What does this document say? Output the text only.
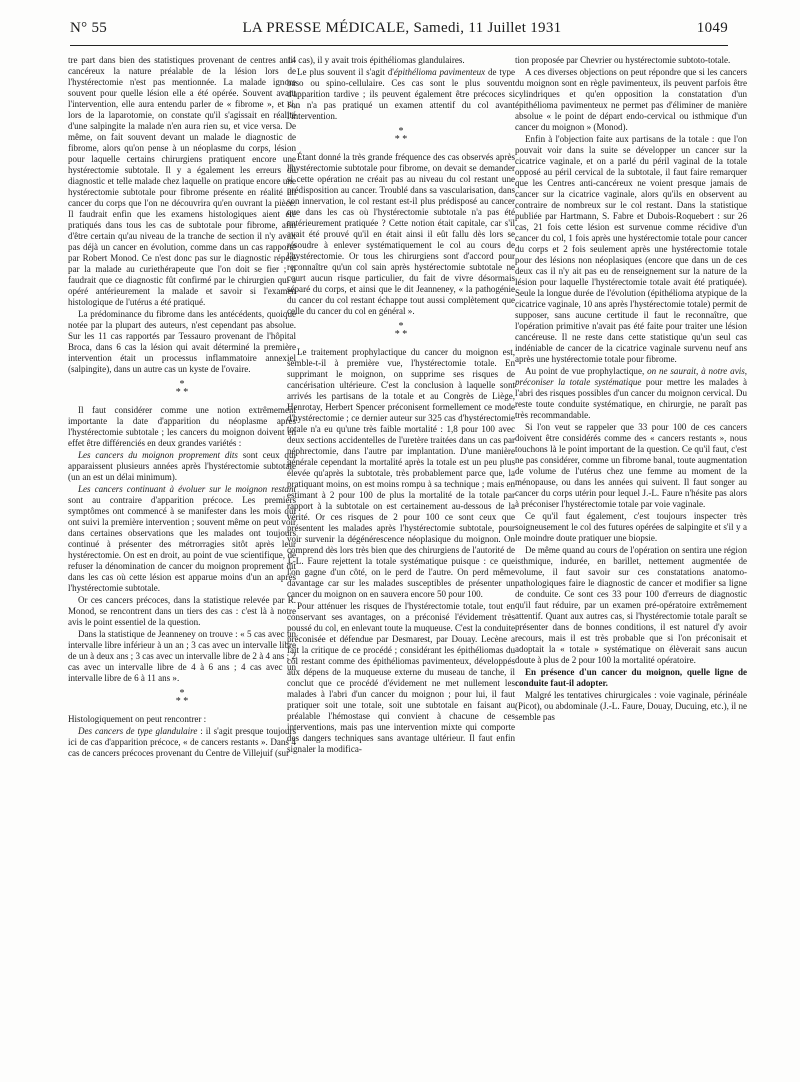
N° 55	LA PRESSE MÉDICALE, Samedi, 11 Juillet 1931	1049

tre part dans bien des statistiques provenant de centres anti-cancéreux la nature préalable de la lésion lors de l'hystérectomie n'est pas mentionnée. La malade ignore souvent pour quelle lésion elle a été opérée. Souvent avant l'intervention, elle aura entendu parler de « fibrome », et si, lors de la laparotomie, on constate qu'il s'agissait en réalité d'une salpingite la malade n'en aura rien su, et vice versa. De même, on fait souvent devant un malade le diagnostic de fibrome, alors qu'on pense à un néoplasme du corps, lésion pour laquelle certains chirurgiens pratiquent encore une hystérectomie subtotale. Il y a également les erreurs du diagnostic et telle malade chez laquelle on pratique encore une hystérectomie subtotale pour fibrome présente en réalité un cancer du corps que l'on ne découvrira qu'en ouvrant la pièce. Il faudrait enfin que les examens histologiques aient été pratiqués dans tous les cas de subtotale pour fibrome, afin d'être certain qu'au niveau de la tranche de section il n'y avait pas déjà un cancer en évolution, comme dans un cas rapporté par Robert Monod. Ce n'est donc pas sur le diagnostic répété par la malade au curiethérapeute que l'on doit se fier ; il faudrait que ce diagnostic fût confirmé par le chirurgien qui a opéré antérieurement la malade et savoir si l'examen histologique de l'utérus a été pratiqué.

La prédominance du fibrome dans les antécédents, quoique notée par la plupart des auteurs, n'est cependant pas absolue. Sur les 11 cas rapportés par Tessauro provenant de l'hôpital Broca, dans 6 cas la lésion qui avait déterminé la première intervention était un processus inflammatoire annexiel (salpingite), dans un autre cas un kyste de l'ovaire.

*
* *

Il faut considérer comme une notion extrêmement importante la date d'apparition du néoplasme après l'hystérectomie subtotale ; les cancers du moignon doivent en effet être différenciés en deux grandes variétés :

Les cancers du moignon proprement dits sont ceux qui apparaissent plusieurs années après l'hystérectomie subtotale (un an est un délai minimum).

Les cancers continuant à évoluer sur le moignon restant sont au contraire d'apparition précoce. Les premiers symptômes ont commencé à se manifester dans les mois qui ont suivi la première intervention ; souvent même on peut voir dans certaines observations que les malades ont toujours continué à présenter des métrorragies sitôt après leur hystérectomie. On est en droit, au point de vue scientifique, de refuser la dénomination de cancer du moignon proprement dit dans les cas où cette lésion est apparue moins d'un an après l'hystérectomie subtotale.

Or ces cancers précoces, dans la statistique relevée par R. Monod, se rencontrent dans un tiers des cas : c'est là à notre avis le point essentiel de la question.

Dans la statistique de Jeanneney on trouve : « 5 cas avec un intervalle libre inférieur à un an ; 3 cas avec un intervalle libre de un à deux ans ; 3 cas avec un intervalle libre de 2 à 4 ans ; 2 cas avec un intervalle libre de 4 à 6 ans ; 4 cas avec un intervalle libre de 6 à 11 ans ».

*
* *

Histologiquement on peut rencontrer :

Des cancers de type glandulaire : il s'agit presque toujours ici de cas d'apparition précoce, « de cancers restants ». Dans 4 cas de cancers précoces provenant du Centre de Villejuif (sur

14 cas), il y avait trois épithéliomas glandulaires.

Le plus souvent il s'agit d'épithélioma pavimenteux de type baso ou spino-cellulaire. Ces cas sont le plus souvent d'apparition tardive ; ils peuvent également être précoces si l'on n'a pas pratiqué un examen attentif du col avant l'intervention.

*
* *

Étant donné la très grande fréquence des cas observés après l'hystérectomie subtotale pour fibrome, on devait se demander si cette opération ne créait pas au niveau du col restant une prédisposition au cancer. Troublé dans sa vascularisation, dans son innervation, le col restant est-il plus prédisposé au cancer que dans les cas où l'hystérectomie subtotale n'a pas été antérieurement pratiquée ? Cette notion était capitale, car s'il avait été prouvé qu'il en était ainsi il eût fallu dès lors se résoudre à enlever systématiquement le col au cours de l'hystérectomie. Or tous les chirurgiens sont d'accord pour reconnaître qu'un col sain après hystérectomie subtotale ne court aucun risque particulier, du fait de vivre désormais séparé du corps, et ainsi que le dit Jeanneney, « la pathogénie du cancer du col restant échappe tout aussi complètement que celle du cancer du col en général ».

*
* *

Le traitement prophylactique du cancer du moignon est, semble-t-il à première vue, l'hystérectomie totale. En supprimant le moignon, on supprime ses risques de cancérisation ultérieure. C'est la conclusion à laquelle sont arrivés les partisans de la totale et au Congrès de Liège, Henrotay, Herbert Spencer préconisent formellement ce mode d'hystérectomie ; ce dernier auteur sur 325 cas d'hystérectomie totale n'a eu qu'une très faible mortalité : 1,8 pour 100 avec deux sections accidentelles de l'uretère traitées dans un cas par néphrectomie, dans l'autre par implantation. D'une manière générale cependant la mortalité après la totale est un peu plus élevée qu'après la subtotale, très probablement parce que, la pratiquant moins, on est moins rompu à sa technique ; mais en estimant à 2 pour 100 de plus la mortalité de la totale par rapport à la subtotale on est certainement au-dessous de la vérité. Or ces risques de 2 pour 100 ce sont ceux que présentent les malades après l'hystérectomie subtotale, pour voir survenir la dégénérescence néoplasique du moignon. On comprend dès lors très bien que des chirurgiens de l'autorité de J.-L. Faure rejettent la totale systématique puisque : ce que l'on gagne d'un côté, on le perd de l'autre. On perd même davantage car sur les malades susceptibles de présenter un cancer du moignon on en sauvera encore 50 pour 100.

Pour atténuer les risques de l'hystérectomie totale, tout en conservant ses avantages, on a préconisé l'évidement très poussé du col, en enlevant toute la muqueuse. C'est la conduite préconisée et défendue par Desmarest, par Douay. Lecène a fait la critique de ce procédé ; considérant les épithéliomas du col restant comme des épithéliomas pavimenteux, développés aux dépens de la muqueuse externe du museau de tanche, il conclut que ce procédé d'évidement ne met nullement les malades à l'abri d'un cancer du moignon ; pour lui, il faut pratiquer soit une totale, soit une subtotale en faisant au préalable l'hémostase qui convient à chacune de ces interventions, mais pas une intervention mixte qui comporte des dangers techniques sans avantage ultérieur. Il faut enfin signaler la modifica-

tion proposée par Chevrier ou hystérectomie subtoto-totale.

A ces diverses objections on peut répondre que si les cancers du moignon sont en règle pavimenteux, ils peuvent parfois être cylindriques et qu'en opposition la constatation d'un épithélioma pavimenteux ne permet pas d'éliminer de manière absolue « le point de départ endo-cervical ou isthmique d'un cancer du moignon » (Monod).

Enfin à l'objection faite aux partisans de la totale : que l'on pouvait voir dans la suite se développer un cancer sur la cicatrice vaginale, et on a parlé du péril vaginal de la totale opposé au péril cervical de la subtotale, il faut faire remarquer que les Centres anti-cancéreux ne voient presque jamais de cancer sur la cicatrice vaginale, alors qu'ils en observent au contraire de nombreux sur le col restant. Dans la statistique publiée par Hartmann, S. Fabre et Dubois-Roquebert : sur 26 cas, 21 fois cette lésion est survenue comme récidive d'un cancer du col, 1 fois après une hystérectomie totale pour cancer du corps et 2 fois seulement après une hystérectomie totale pour des lésions non néoplasiques (encore que dans un de ces deux cas il n'y ait pas eu de renseignement sur la nature de la lésion pour laquelle l'hystérectomie totale avait été pratiquée). Seule la longue durée de l'évolution (épithélioma atypique de la cicatrice vaginale, 10 ans après l'hystérectomie totale) permit de supposer, sans aucune certitude il faut le reconnaître, que l'opération primitive n'avait pas été faite pour traiter une lésion cancéreuse. Il ne reste dans cette statistique qu'un seul cas indéniable de cancer de la cicatrice vaginale survenu neuf ans après une hystérectomie totale pour fibrome.

Au point de vue prophylactique, on ne saurait, à notre avis, préconiser la totale systématique pour mettre les malades à l'abri des risques possibles d'un cancer du moignon cervical. Du reste toute conduite systématique, en chirurgie, ne paraît pas très recommandable.

Si l'on veut se rappeler que 33 pour 100 de ces cancers doivent être considérés comme des « cancers restants », nous touchons là le point important de la question. Ce qu'il faut, c'est ne pas considérer, comme un fibrome banal, toute augmentation de volume de l'utérus chez une femme au moment de la ménopause, ou dans les années qui suivent. Il faut songer au cancer du corps utérin pour lequel J.-L. Faure n'hésite pas alors à préconiser l'hystérectomie totale par voie vaginale.

Ce qu'il faut également, c'est toujours inspecter très soigneusement le col des futures opérées de salpingite et s'il y a le moindre doute pratiquer une biopsie.

De même quand au cours de l'opération on sentira une région isthmique, indurée, en barillet, nettement augmentée de volume, il faut savoir sur ces constatations anatomo-pathologiques faire le diagnostic de cancer et modifier sa ligne de conduite. Ce sont ces 33 pour 100 d'erreurs de diagnostic qu'il faut réduire, par un examen pré-opératoire extrêmement attentif. Quant aux autres cas, si l'hystérectomie totale paraît se présenter dans de bonnes conditions, il est naturel d'y avoir recours, mais il est très probable que si l'on préconisait et adoptait la « totale » systématique on élèverait sans aucun doute à plus de 2 pour 100 la mortalité opératoire.

En présence d'un cancer du moignon, quelle ligne de conduite faut-il adopter.

Malgré les tentatives chirurgicales : voie vaginale, périnéale (Picot), ou abdominale (J.-L. Faure, Douay, Ducuing, etc.), il ne semble pas
